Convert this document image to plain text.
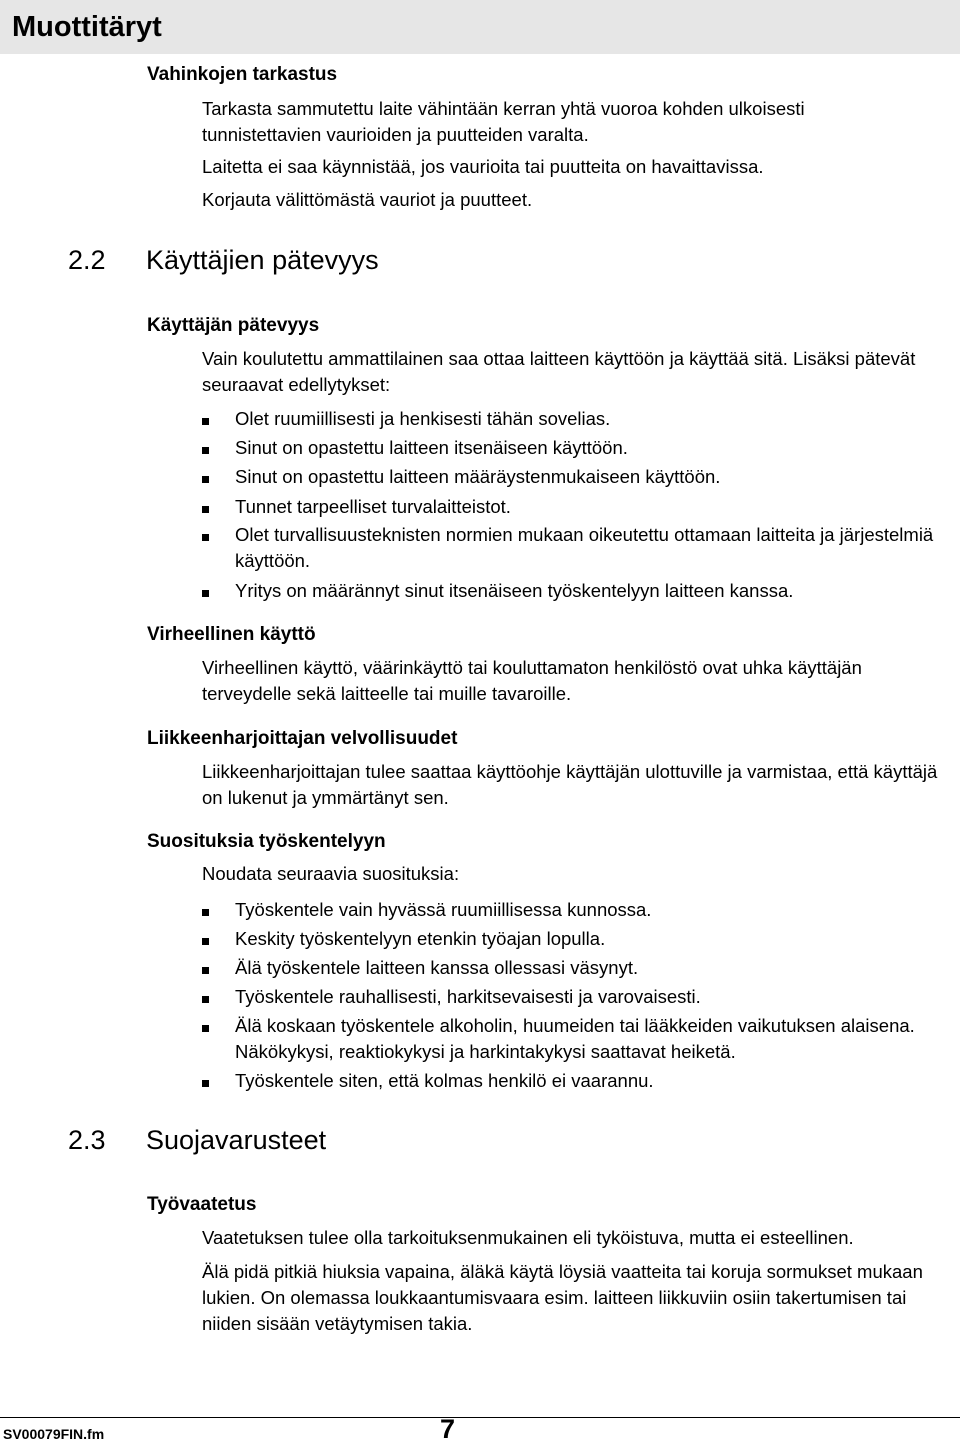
Muottitäryt
Vahinkojen tarkastus
Tarkasta sammutettu laite vähintään kerran yhtä vuoroa kohden ulkoisesti tunnistettavien vaurioiden ja puutteiden varalta.
Laitetta ei saa käynnistää, jos vaurioita tai puutteita on havaittavissa.
Korjauta välittömästä vauriot ja puutteet.
2.2 Käyttäjien pätevyys
Käyttäjän pätevyys
Vain koulutettu ammattilainen saa ottaa laitteen käyttöön ja käyttää sitä. Lisäksi pätevät seuraavat edellytykset:
Olet ruumiillisesti ja henkisesti tähän sovelias.
Sinut on opastettu laitteen itsenäiseen käyttöön.
Sinut on opastettu laitteen määräystenmukaiseen käyttöön.
Tunnet tarpeelliset turvalaitteistot.
Olet turvallisuusteknisten normien mukaan oikeutettu ottamaan laitteita ja järjestelmiä käyttöön.
Yritys on määrännyt sinut itsenäiseen työskentelyyn laitteen kanssa.
Virheellinen käyttö
Virheellinen käyttö, väärinkäyttö tai kouluttamaton henkilöstö ovat uhka käyttäjän terveydelle sekä laitteelle tai muille tavaroille.
Liikkeenharjoittajan velvollisuudet
Liikkeenharjoittajan tulee saattaa käyttöohje käyttäjän ulottuville ja varmistaa, että käyttäjä on lukenut ja ymmärtänyt sen.
Suosituksia työskentelyyn
Noudata seuraavia suosituksia:
Työskentele vain hyvässä ruumiillisessa kunnossa.
Keskity työskentelyyn etenkin työajan lopulla.
Älä työskentele laitteen kanssa ollessasi väsynyt.
Työskentele rauhallisesti, harkitsevaisesti ja varovaisesti.
Älä koskaan työskentele alkoholin, huumeiden tai lääkkeiden vaikutuksen alaisena. Näkökykysi, reaktiokykysi ja harkintakykysi saattavat heiketä.
Työskentele siten, että kolmas henkilö ei vaarannu.
2.3 Suojavarusteet
Työvaatetus
Vaatetuksen tulee olla tarkoituksenmukainen eli tyköistuva, mutta ei esteellinen.
Älä pidä pitkiä hiuksia vapaina, äläkä käytä löysiä vaatteita tai koruja sormukset mukaan lukien. On olemassa loukkaantumisvaara esim. laitteen liikkuviin osiin takertumisen tai niiden sisään vetäytymisen takia.
SV00079FIN.fm	7
